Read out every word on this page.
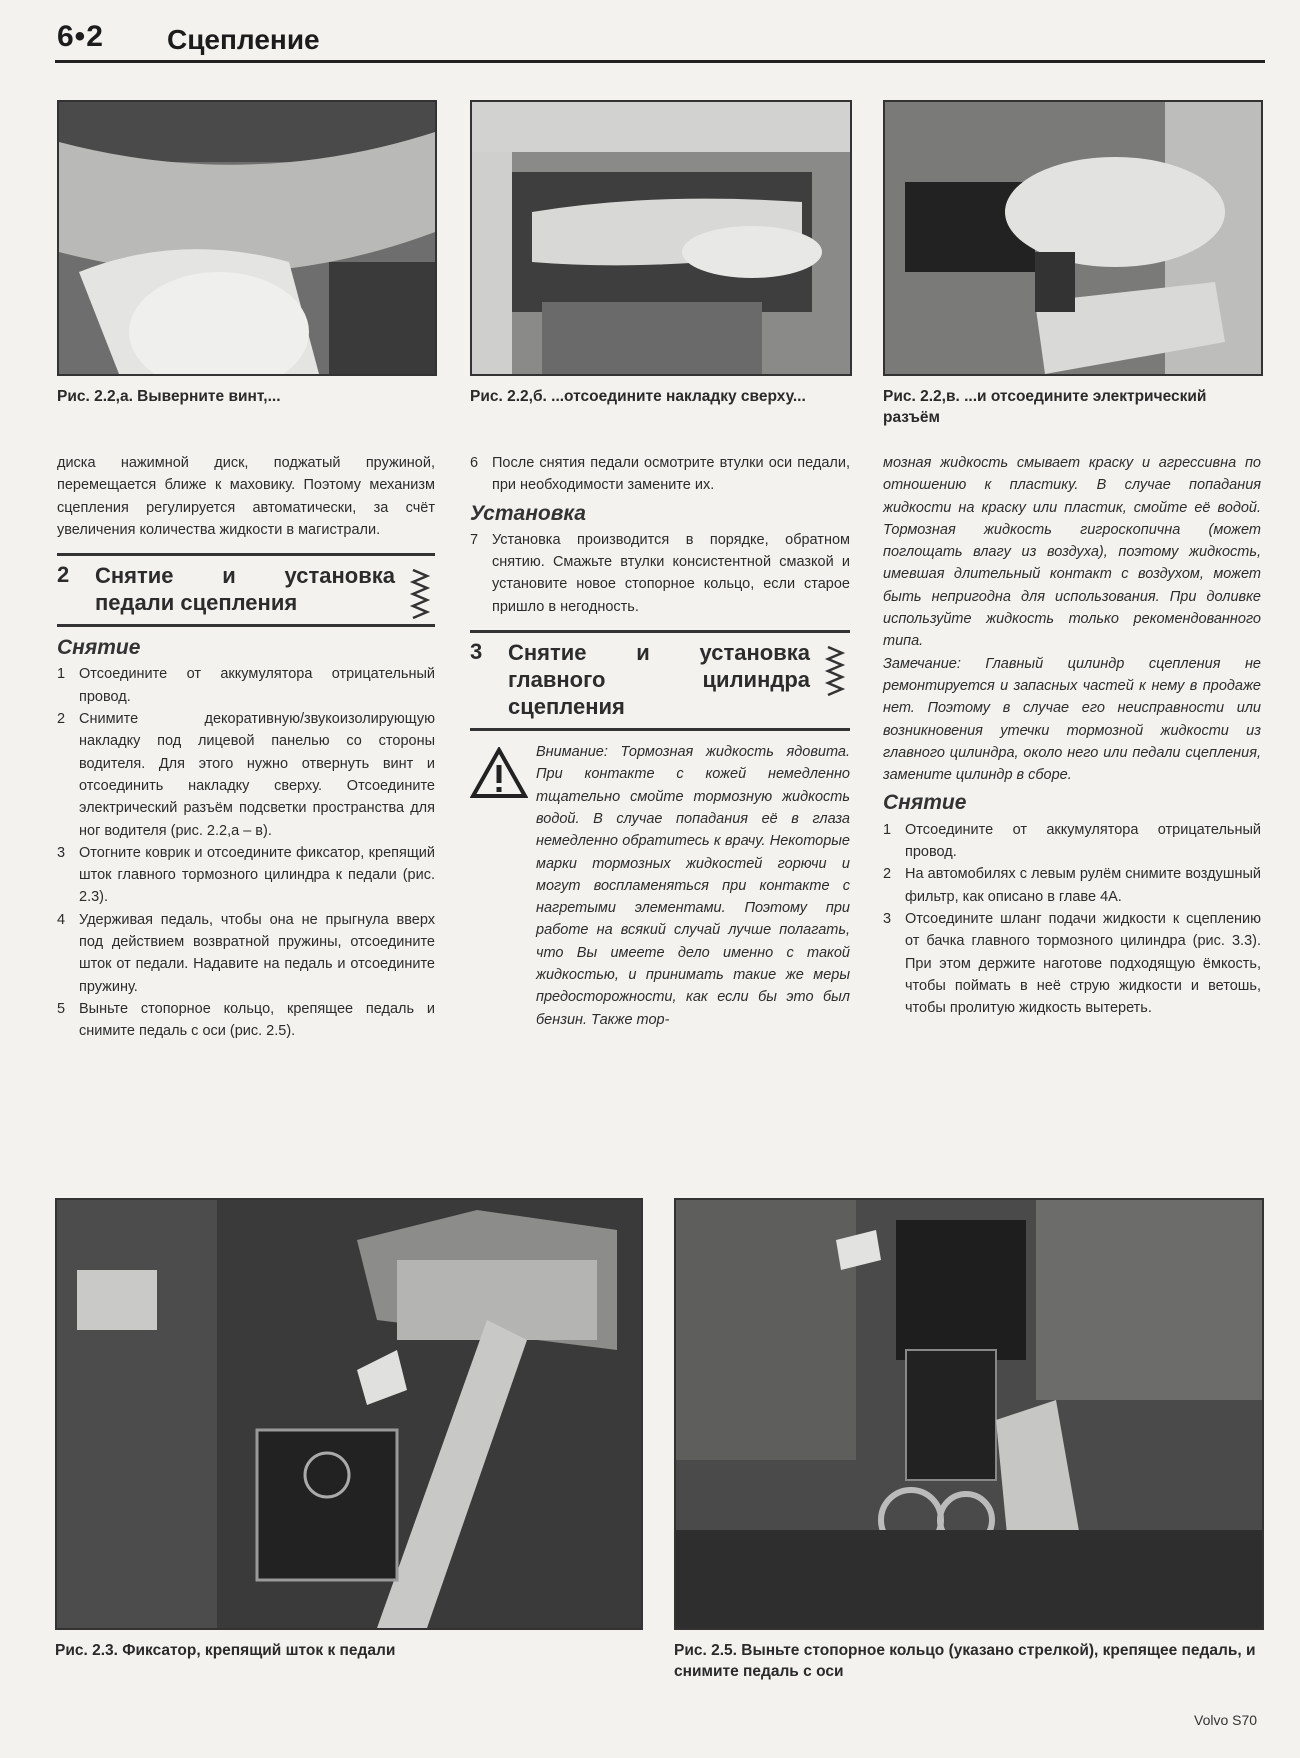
6•2 Сцепление
Рис. 2.2,а. Выверните винт,...	Рис. 2.2,б. ...отсоедините накладку сверху...	Рис. 2.2,в. ...и отсоедините электрический разъём

диска нажимной диск, поджатый пружиной, перемещается ближе к маховику. Поэтому механизм сцепления регулируется автоматически, за счёт увеличения количества жидкости в магистрали.

2	Снятие и установка педали сцепления
Снятие
1 Отсоедините от аккумулятора отрицательный провод.
2 Снимите декоративную/звукоизолирующую накладку под лицевой панелью со стороны водителя. Для этого нужно отвернуть винт и отсоединить накладку сверху. Отсоедините электрический разъём подсветки пространства для ног водителя (рис. 2.2,а – в).
3 Отогните коврик и отсоедините фиксатор, крепящий шток главного тормозного цилиндра к педали (рис. 2.3).
4 Удерживая педаль, чтобы она не прыгнула вверх под действием возвратной пружины, отсоедините шток от педали. Надавите на педаль и отсоедините пружину.
5 Выньте стопорное кольцо, крепящее педаль и снимите педаль с оси (рис. 2.5).
6 После снятия педали осмотрите втулки оси педали, при необходимости замените их.
Установка
7 Установка производится в порядке, обратном снятию. Смажьте втулки консистентной смазкой и установите новое стопорное кольцо, если старое пришло в негодность.
3	Снятие и установка главного цилиндра сцепления

Внимание: Тормозная жидкость ядовита. При контакте с кожей немедленно тщательно смойте тормозную жидкость водой. В случае попадания её в глаза немедленно обратитесь к врачу. Некоторые марки тормозных жидкостей горючи и могут воспламеняться при контакте с нагретыми элементами. Поэтому при работе на всякий случай лучше полагать, что Вы имеете дело именно с такой жидкостью, и принимать такие же меры предосторожности, как если бы это был бензин. Также тор-

мозная жидкость смывает краску и агрессивна по отношению к пластику. В случае попадания жидкости на краску или пластик, смойте её водой. Тормозная жидкость гигроскопична (может поглощать влагу из воздуха), поэтому жидкость, имевшая длительный контакт с воздухом, может быть непригодна для использования. При доливке используйте жидкость только рекомендованного типа.

Замечание: Главный цилиндр сцепления не ремонтируется и запасных частей к нему в продаже нет. Поэтому в случае его неисправности или возникновения утечки тормозной жидкости из главного цилиндра, около него или педали сцепления, замените цилиндр в сборе.

Снятие
1 Отсоедините от аккумулятора отрицательный провод.
2 На автомобилях с левым рулём снимите воздушный фильтр, как описано в главе 4А.
3 Отсоедините шланг подачи жидкости к сцеплению от бачка главного тормозного цилиндра (рис. 3.3). При этом держите наготове подходящую ёмкость, чтобы поймать в неё струю жидкости и ветошь, чтобы пролитую жидкость вытереть.
Рис. 2.3. Фиксатор, крепящий шток к педали	Рис. 2.5. Выньте стопорное кольцо (указано стрелкой), крепящее педаль, и снимите педаль с оси
Volvo S70
